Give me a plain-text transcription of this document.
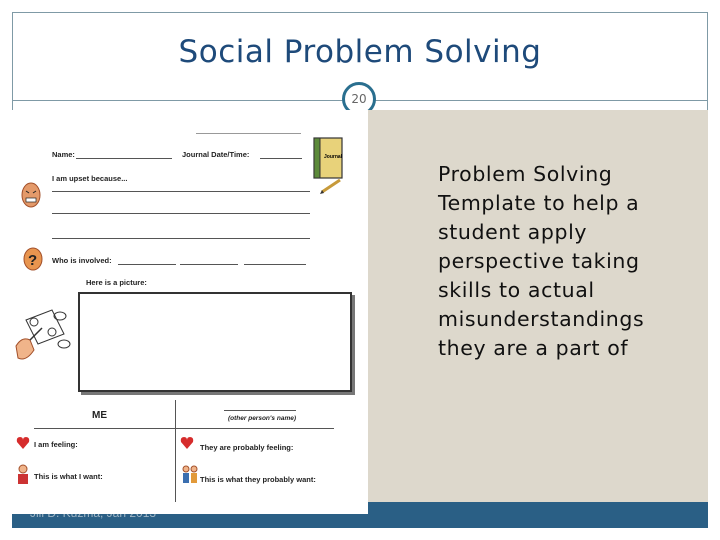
Social Problem Solving
20
Problem Solving Template to help a student apply perspective taking skills to actual misunderstandings they are a part of
Name:	Journal Date/Time:	Journal
I am upset because...
? Who is involved:
Here is a picture:
ME	(other person's name)
I am feeling:	They are probably feeling:
This is what I want:	This is what they probably want:
